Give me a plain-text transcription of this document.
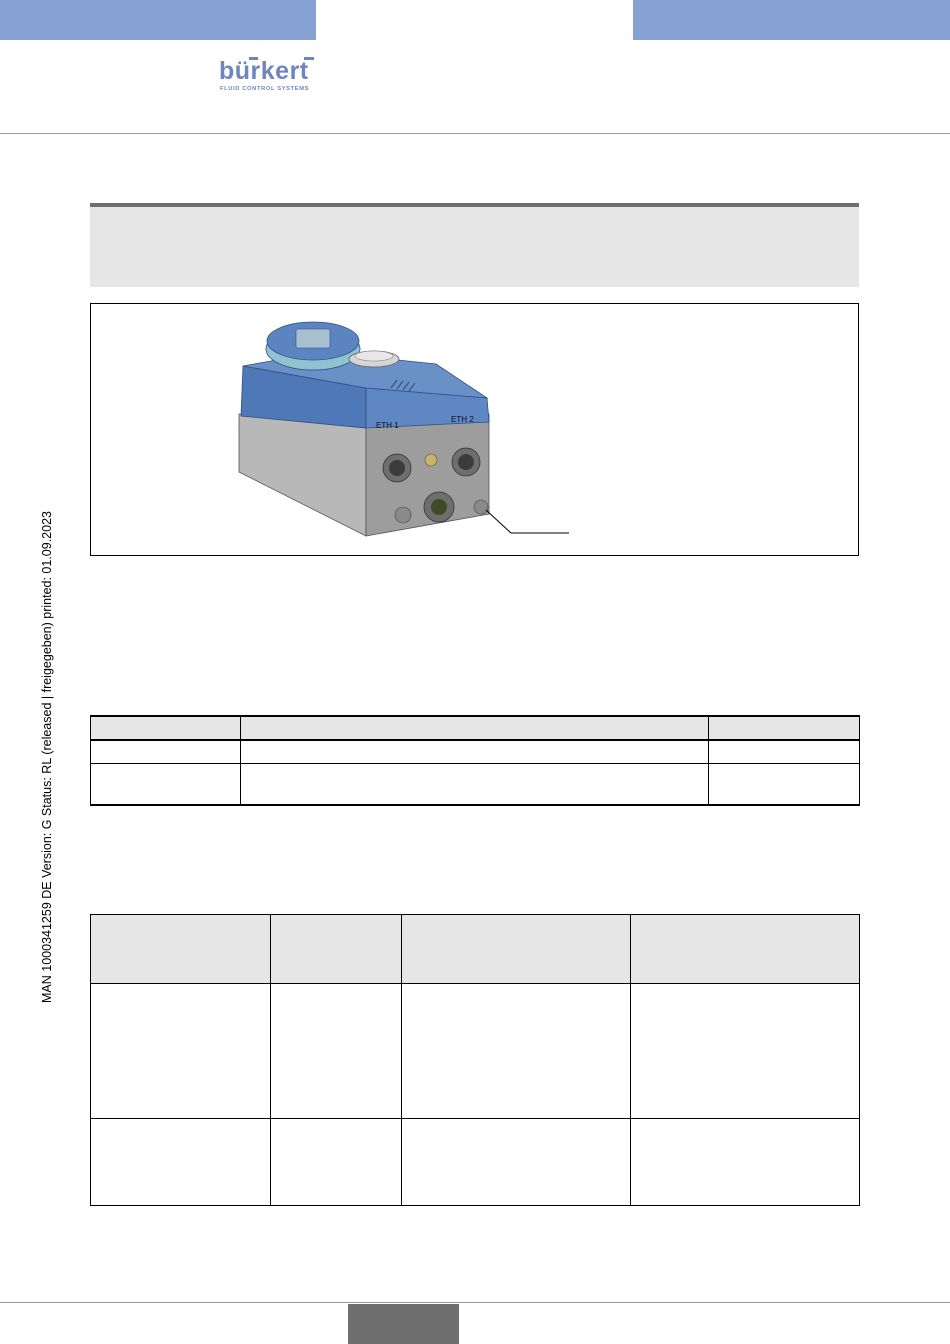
bürkert
FLUID CONTROL SYSTEMS
ETH 1
ETH 2
MAN 1000341259 DE Version: G Status: RL (released | freigegeben) printed: 01.09.2023
